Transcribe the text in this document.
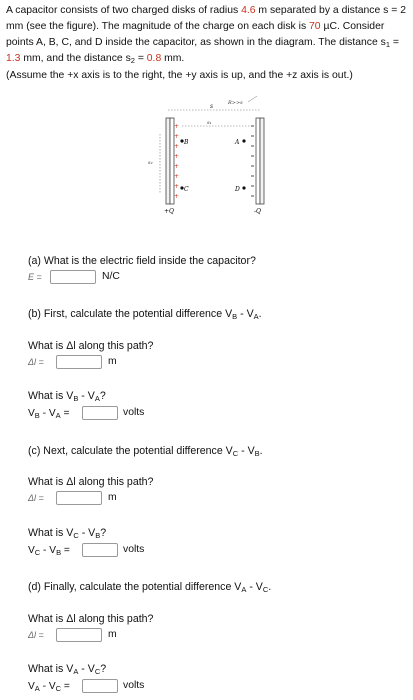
A capacitor consists of two charged disks of radius 4.6 m separated by a distance s = 2 mm (see the figure). The magnitude of the charge on each disk is 70 µC. Consider points A, B, C, and D inside the capacitor, as shown in the diagram. The distance $s_1 = 1.3$ mm, and the distance $s_2 = 0.8$ mm.
(Assume the +x axis is to the right, the +y axis is up, and the +z axis is out.)
+
+
+
+
+
+
+
+
s
s₁
s₂
R>>s
B	A
C	D
+Q	-Q
(a) What is the electric field inside the capacitor?
E =	N/C
(b) First, calculate the potential difference $V_B - V_A$.
What is Δl along this path?
Δl =	m
What is $V_B - V_A$?
$V_B - V_A$ =	volts
(c) Next, calculate the potential difference $V_C - V_B$.
What is Δl along this path?
Δl =	m
What is $V_C - V_B$?
$V_C - V_B$ =	volts
(d) Finally, calculate the potential difference $V_A - V_C$.
What is Δl along this path?
Δl =	m
What is $V_A - V_C$?
$V_A - V_C$ =	volts
